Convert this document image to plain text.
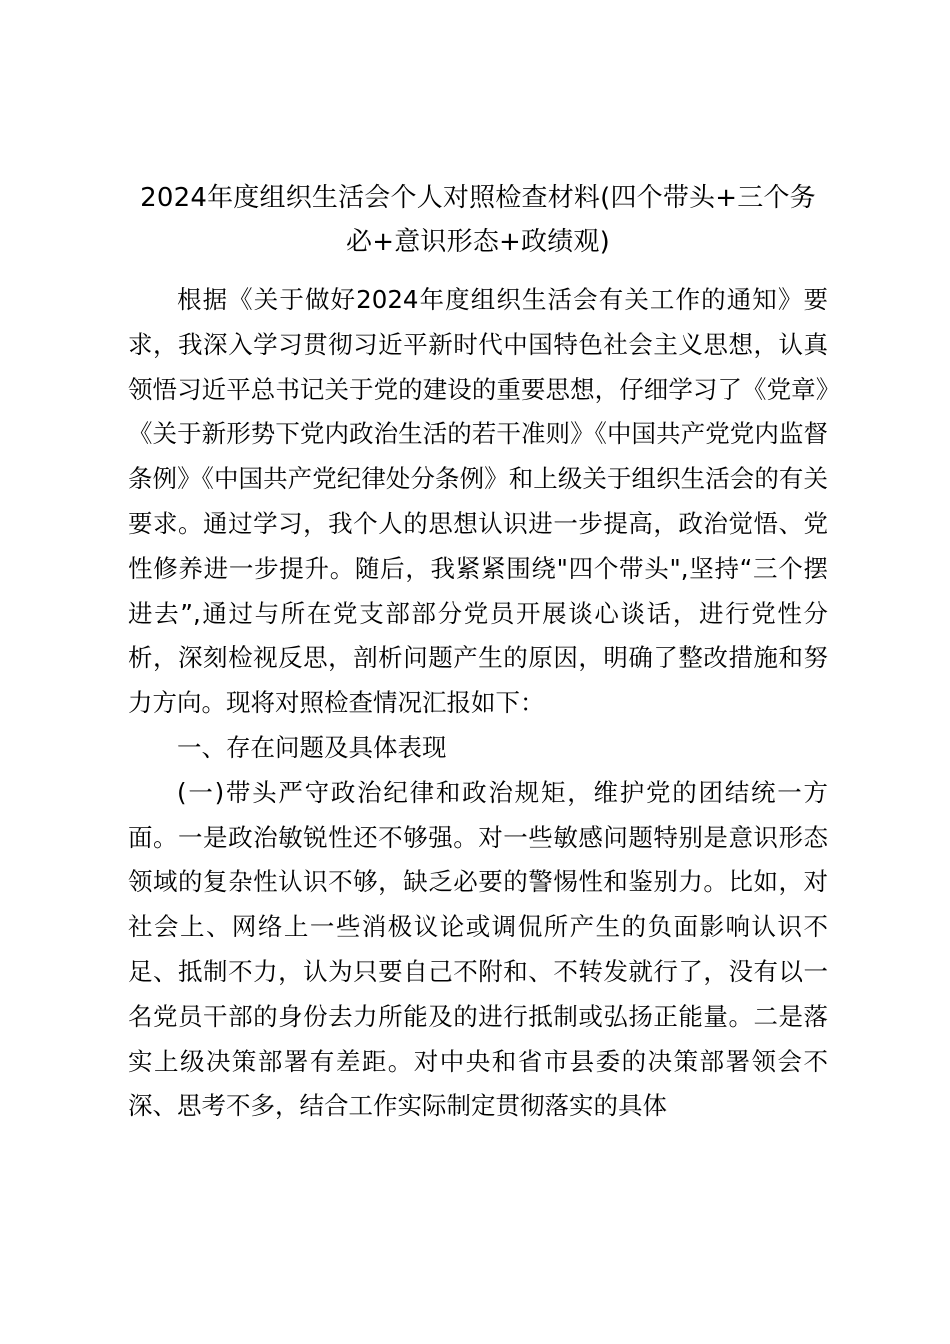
2024年度组织生活会个人对照检查材料(四个带头+三个务必+意识形态+政绩观)

根据《关于做好2024年度组织生活会有关工作的通知》要求，我深入学习贯彻习近平新时代中国特色社会主义思想，认真领悟习近平总书记关于党的建设的重要思想，仔细学习了《党章》《关于新形势下党内政治生活的若干准则》《中国共产党党内监督条例》《中国共产党纪律处分条例》和上级关于组织生活会的有关要求。通过学习，我个人的思想认识进一步提高，政治觉悟、党性修养进一步提升。随后，我紧紧围绕"四个带头",坚持“三个摆进去”,通过与所在党支部部分党员开展谈心谈话，进行党性分析，深刻检视反思，剖析问题产生的原因，明确了整改措施和努力方向。现将对照检查情况汇报如下：

一、存在问题及具体表现

(一)带头严守政治纪律和政治规矩，维护党的团结统一方面。一是政治敏锐性还不够强。对一些敏感问题特别是意识形态领域的复杂性认识不够，缺乏必要的警惕性和鉴别力。比如，对社会上、网络上一些消极议论或调侃所产生的负面影响认识不足、抵制不力，认为只要自己不附和、不转发就行了，没有以一名党员干部的身份去力所能及的进行抵制或弘扬正能量。二是落实上级决策部署有差距。对中央和省市县委的决策部署领会不深、思考不多，结合工作实际制定贯彻落实的具体
